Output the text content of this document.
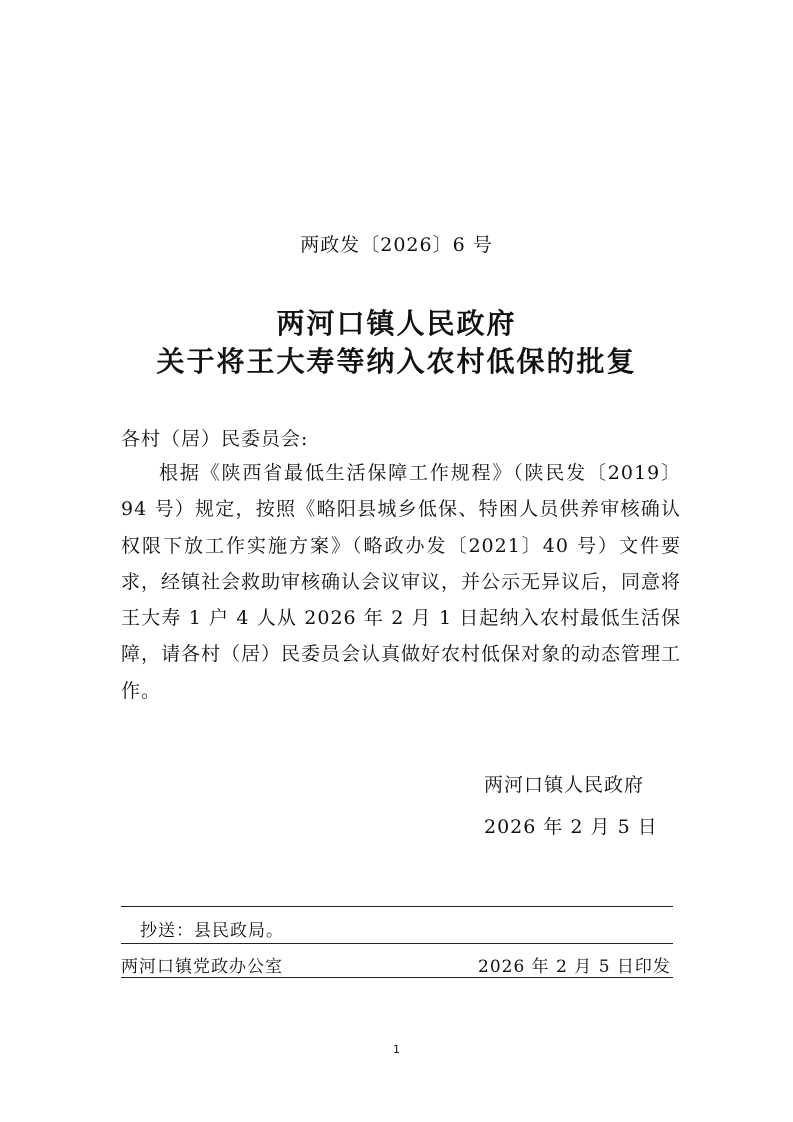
两政发〔2026〕6 号
两河口镇人民政府
关于将王大寿等纳入农村低保的批复
各村（居）民委员会:

根据《陕西省最低生活保障工作规程》（陕民发〔2019〕94 号）规定，按照《略阳县城乡低保、特困人员供养审核确认权限下放工作实施方案》（略政办发〔2021〕40 号）文件要求，经镇社会救助审核确认会议审议，并公示无异议后，同意将王大寿 1 户 4 人从 2026 年 2 月 1 日起纳入农村最低生活保障，请各村（居）民委员会认真做好农村低保对象的动态管理工作。

两河口镇人民政府
2026 年 2 月 5 日
抄送：县民政局。
两河口镇党政办公室	2026 年 2 月 5 日印发
1
